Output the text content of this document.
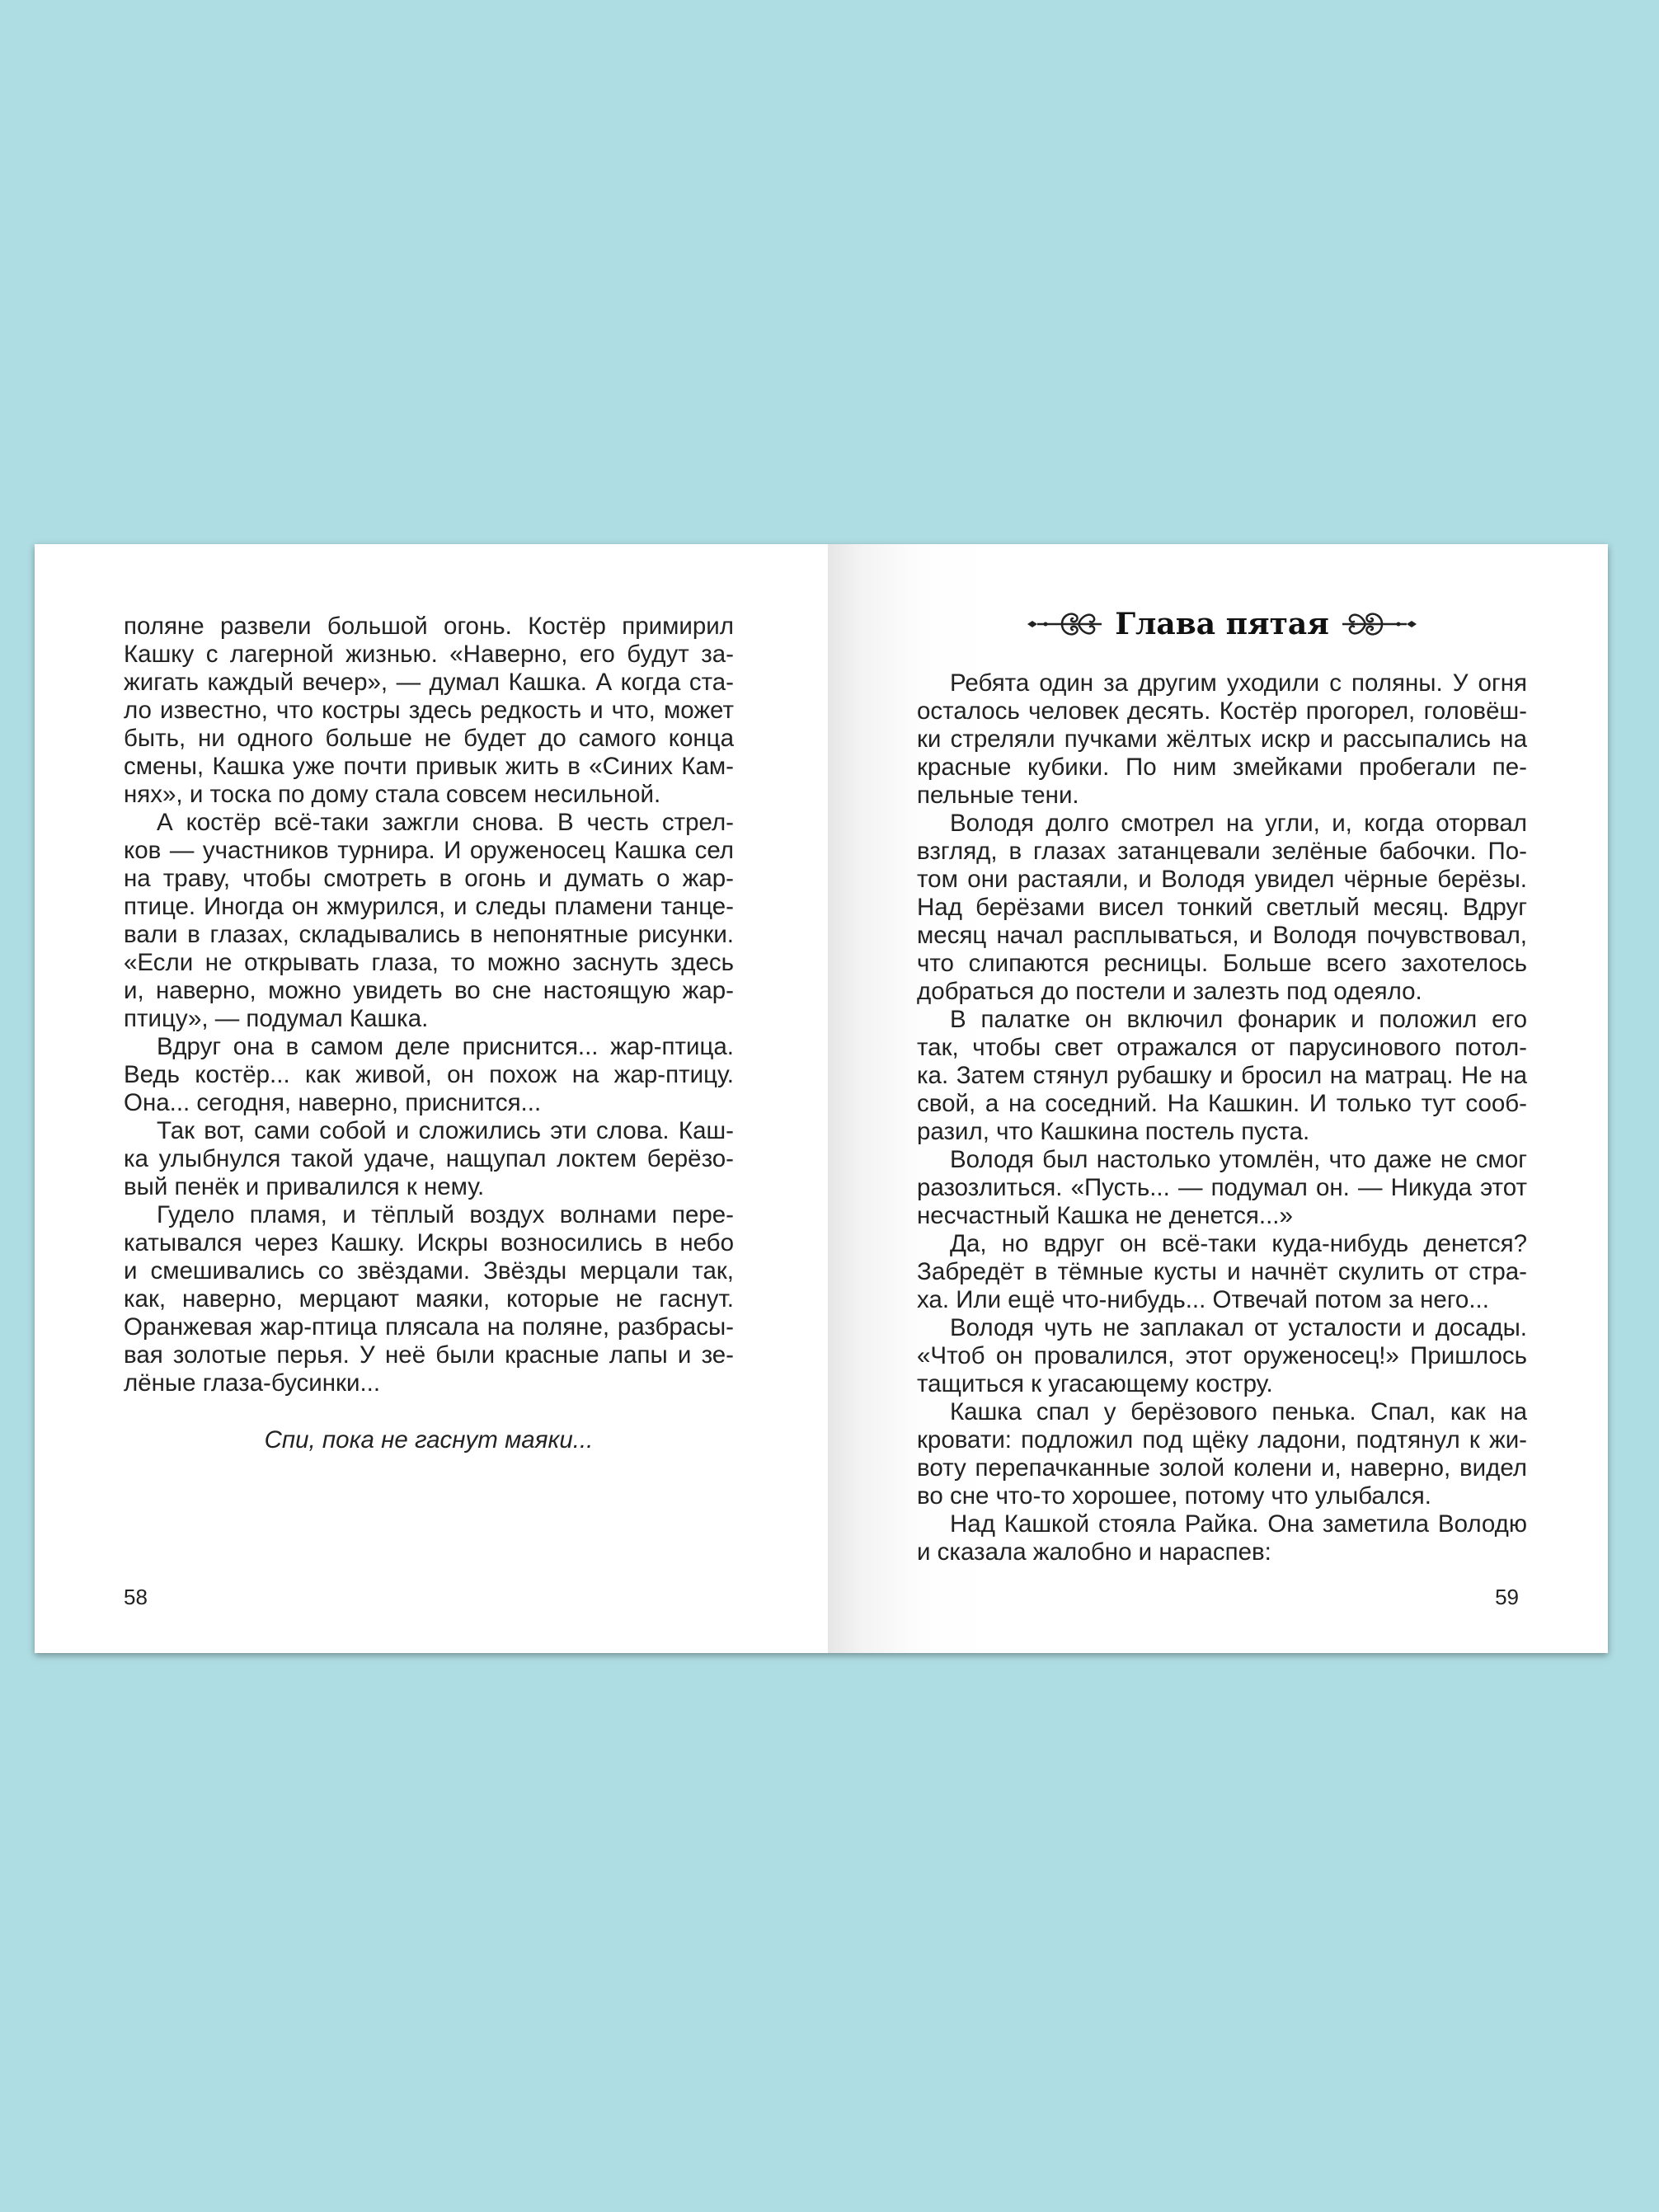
поляне развели большой огонь. Костёр примирил
Кашку с лагерной жизнью. «Наверно, его будут за-
жигать каждый вечер», — думал Кашка. А когда ста-
ло известно, что костры здесь редкость и что, может
быть, ни одного больше не будет до самого конца
смены, Кашка уже почти привык жить в «Синих Кам-
нях», и тоска по дому стала совсем несильной.
А костёр всё-таки зажгли снова. В честь стрел-
ков — участников турнира. И оруженосец Кашка сел
на траву, чтобы смотреть в огонь и думать о жар-
птице. Иногда он жмурился, и следы пламени танце-
вали в глазах, складывались в непонятные рисунки.
«Если не открывать глаза, то можно заснуть здесь
и, наверно, можно увидеть во сне настоящую жар-
птицу», — подумал Кашка.
Вдруг она в самом деле приснится... жар-птица.
Ведь костёр... как живой, он похож на жар-птицу.
Она... сегодня, наверно, приснится...
Так вот, сами собой и сложились эти слова. Каш-
ка улыбнулся такой удаче, нащупал локтем берёзо-
вый пенёк и привалился к нему.
Гудело пламя, и тёплый воздух волнами пере-
катывался через Кашку. Искры возносились в небо
и смешивались со звёздами. Звёзды мерцали так,
как, наверно, мерцают маяки, которые не гаснут.
Оранжевая жар-птица плясала на поляне, разбрасы-
вая золотые перья. У неё были красные лапы и зе-
лёные глаза-бусинки...
Спи, пока не гаснут маяки...
58
Глава пятая
Ребята один за другим уходили с поляны. У огня
осталось человек десять. Костёр прогорел, головёш-
ки стреляли пучками жёлтых искр и рассыпались на
красные кубики. По ним змейками пробегали пе-
пельные тени.
Володя долго смотрел на угли, и, когда оторвал
взгляд, в глазах затанцевали зелёные бабочки. По-
том они растаяли, и Володя увидел чёрные берёзы.
Над берёзами висел тонкий светлый месяц. Вдруг
месяц начал расплываться, и Володя почувствовал,
что слипаются ресницы. Больше всего захотелось
добраться до постели и залезть под одеяло.
В палатке он включил фонарик и положил его
так, чтобы свет отражался от парусинового потол-
ка. Затем стянул рубашку и бросил на матрац. Не на
свой, а на соседний. На Кашкин. И только тут сооб-
разил, что Кашкина постель пуста.
Володя был настолько утомлён, что даже не смог
разозлиться. «Пусть... — подумал он. — Никуда этот
несчастный Кашка не денется...»
Да, но вдруг он всё-таки куда-нибудь денется?
Забредёт в тёмные кусты и начнёт скулить от стра-
ха. Или ещё что-нибудь... Отвечай потом за него...
Володя чуть не заплакал от усталости и досады.
«Чтоб он провалился, этот оруженосец!» Пришлось
тащиться к угасающему костру.
Кашка спал у берёзового пенька. Спал, как на
кровати: подложил под щёку ладони, подтянул к жи-
воту перепачканные золой колени и, наверно, видел
во сне что-то хорошее, потому что улыбался.
Над Кашкой стояла Райка. Она заметила Володю
и сказала жалобно и нараспев:
59
